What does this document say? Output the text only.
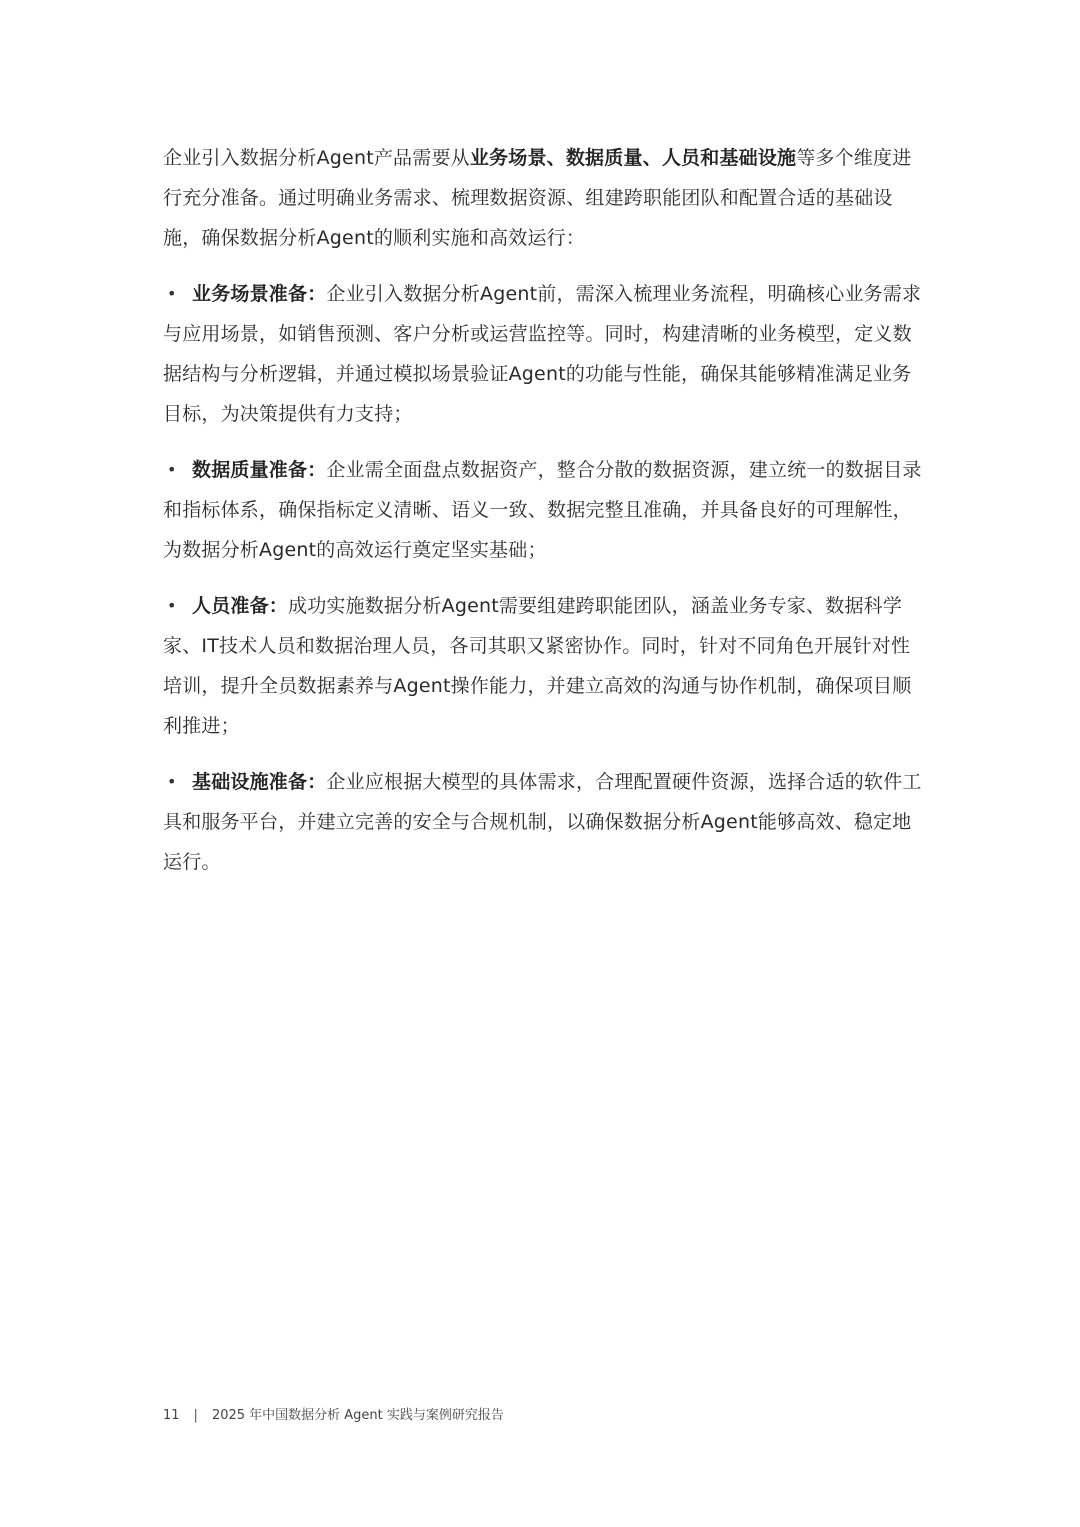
企业引入数据分析Agent产品需要从业务场景、数据质量、人员和基础设施等多个维度进行充分准备。通过明确业务需求、梳理数据资源、组建跨职能团队和配置合适的基础设施，确保数据分析Agent的顺利实施和高效运行：

• 业务场景准备：企业引入数据分析Agent前，需深入梳理业务流程，明确核心业务需求与应用场景，如销售预测、客户分析或运营监控等。同时，构建清晰的业务模型，定义数据结构与分析逻辑，并通过模拟场景验证Agent的功能与性能，确保其能够精准满足业务目标，为决策提供有力支持；
• 数据质量准备：企业需全面盘点数据资产，整合分散的数据资源，建立统一的数据目录和指标体系，确保指标定义清晰、语义一致、数据完整且准确，并具备良好的可理解性，为数据分析Agent的高效运行奠定坚实基础；
• 人员准备：成功实施数据分析Agent需要组建跨职能团队，涵盖业务专家、数据科学家、IT技术人员和数据治理人员，各司其职又紧密协作。同时，针对不同角色开展针对性培训，提升全员数据素养与Agent操作能力，并建立高效的沟通与协作机制，确保项目顺利推进；
• 基础设施准备：企业应根据大模型的具体需求，合理配置硬件资源，选择合适的软件工具和服务平台，并建立完善的安全与合规机制，以确保数据分析Agent能够高效、稳定地运行。
11 | 2025 年中国数据分析 Agent 实践与案例研究报告
